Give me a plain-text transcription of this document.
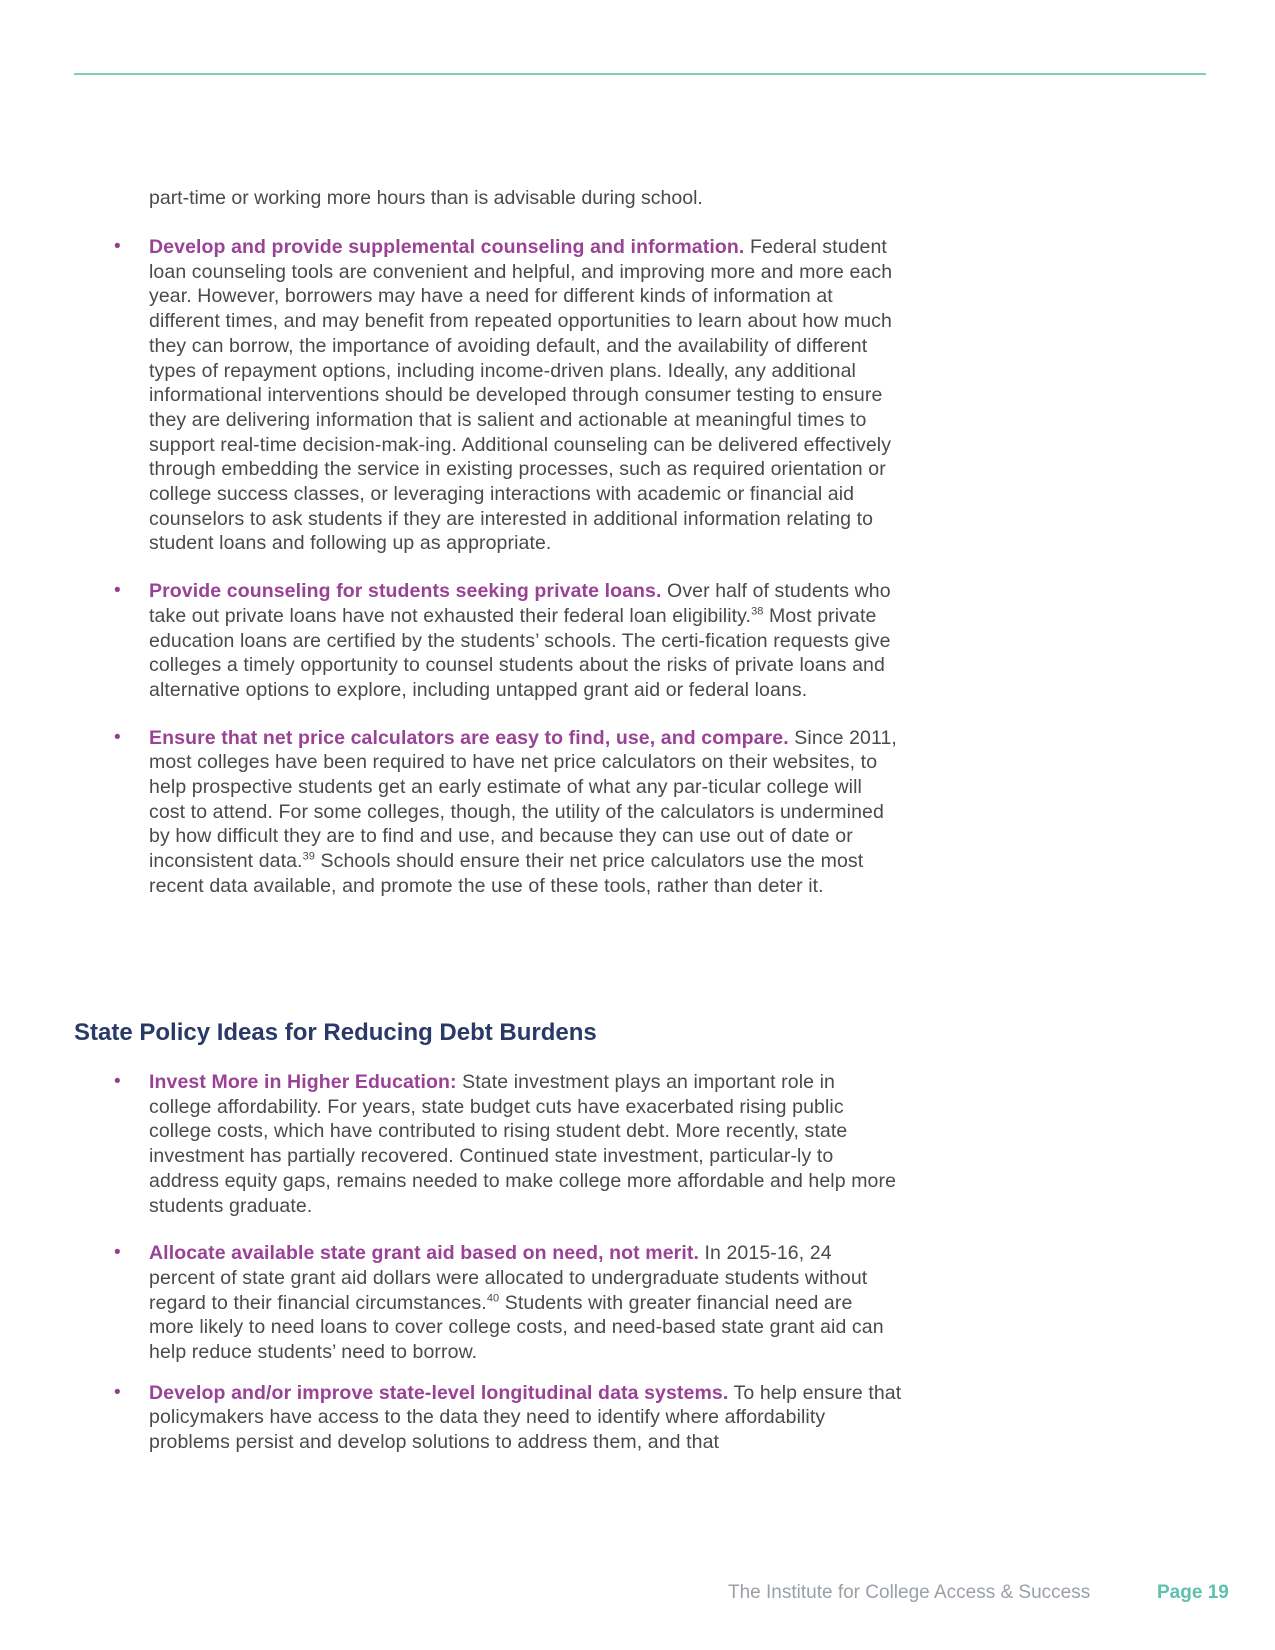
part-time or working more hours than is advisable during school.

• Develop and provide supplemental counseling and information. Federal student loan counseling tools are convenient and helpful, and improving more and more each year. However, borrowers may have a need for different kinds of information at different times, and may benefit from repeated opportunities to learn about how much they can borrow, the importance of avoiding default, and the availability of different types of repayment options, including income-driven plans. Ideally, any additional informational interventions should be developed through consumer testing to ensure they are delivering information that is salient and actionable at meaningful times to support real-time decision-mak-ing. Additional counseling can be delivered effectively through embedding the service in existing processes, such as required orientation or college success classes, or leveraging interactions with academic or financial aid counselors to ask students if they are interested in additional information relating to student loans and following up as appropriate.
• Provide counseling for students seeking private loans. Over half of students who take out private loans have not exhausted their federal loan eligibility.$^{38}$ Most private education loans are certified by the students’ schools. The certi-fication requests give colleges a timely opportunity to counsel students about the risks of private loans and alternative options to explore, including untapped grant aid or federal loans.
• Ensure that net price calculators are easy to find, use, and compare. Since 2011, most colleges have been required to have net price calculators on their websites, to help prospective students get an early estimate of what any par-ticular college will cost to attend. For some colleges, though, the utility of the calculators is undermined by how difficult they are to find and use, and because they can use out of date or inconsistent data.$^{39}$ Schools should ensure their net price calculators use the most recent data available, and promote the use of these tools, rather than deter it.
State Policy Ideas for Reducing Debt Burdens
• Invest More in Higher Education: State investment plays an important role in college affordability. For years, state budget cuts have exacerbated rising public college costs, which have contributed to rising student debt. More recently, state investment has partially recovered. Continued state investment, particular-ly to address equity gaps, remains needed to make college more affordable and help more students graduate.
• Allocate available state grant aid based on need, not merit. In 2015-16, 24 percent of state grant aid dollars were allocated to undergraduate students without regard to their financial circumstances.$^{40}$ Students with greater financial need are more likely to need loans to cover college costs, and need-based state grant aid can help reduce students’ need to borrow.
• Develop and/or improve state-level longitudinal data systems. To help ensure that policymakers have access to the data they need to identify where affordability problems persist and develop solutions to address them, and that
The Institute for College Access & Success	Page 19
